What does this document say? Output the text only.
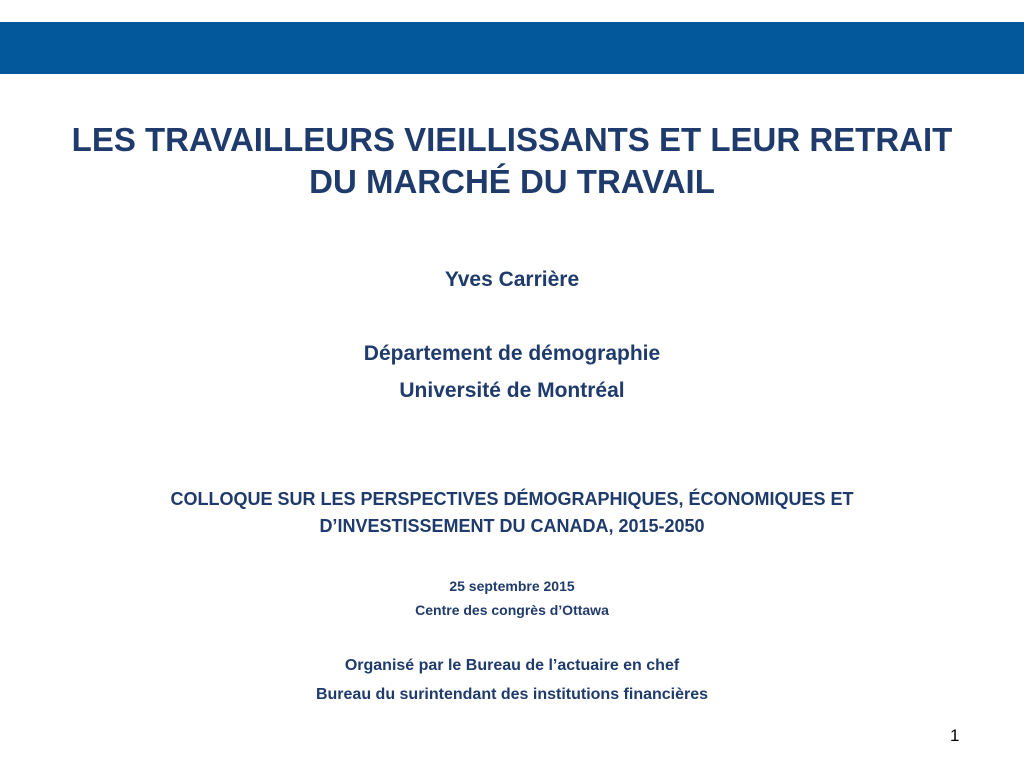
LES TRAVAILLEURS VIEILLISSANTS ET LEUR RETRAIT
DU MARCHÉ DU TRAVAIL

Yves Carrière

Département de démographie

Université de Montréal

COLLOQUE SUR LES PERSPECTIVES DÉMOGRAPHIQUES, ÉCONOMIQUES ET
D’INVESTISSEMENT DU CANADA, 2015-2050

25 septembre 2015

Centre des congrès d’Ottawa

Organisé par le Bureau de l’actuaire en chef

Bureau du surintendant des institutions financières

1
